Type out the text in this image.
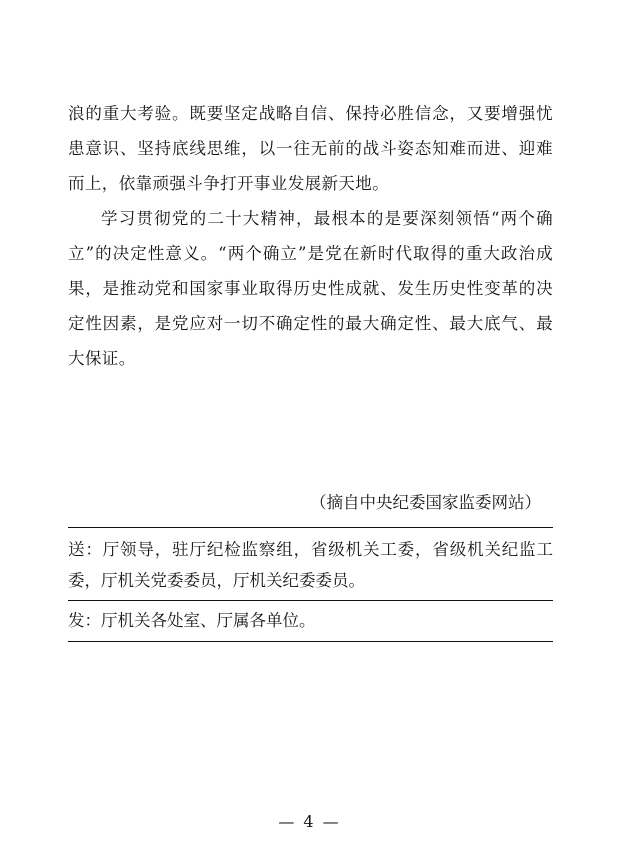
浪的重大考验。既要坚定战略自信、保持必胜信念，又要增强忧患意识、坚持底线思维，以一往无前的战斗姿态知难而进、迎难而上，依靠顽强斗争打开事业发展新天地。

学习贯彻党的二十大精神，最根本的是要深刻领悟“两个确立”的决定性意义。“两个确立”是党在新时代取得的重大政治成果，是推动党和国家事业取得历史性成就、发生历史性变革的决定性因素，是党应对一切不确定性的最大确定性、最大底气、最大保证。

（摘自中央纪委国家监委网站）
送：厅领导，驻厅纪检监察组，省级机关工委，省级机关纪监工委，厅机关党委委员，厅机关纪委委员。
发：厅机关各处室、厅属各单位。
— 4 —
